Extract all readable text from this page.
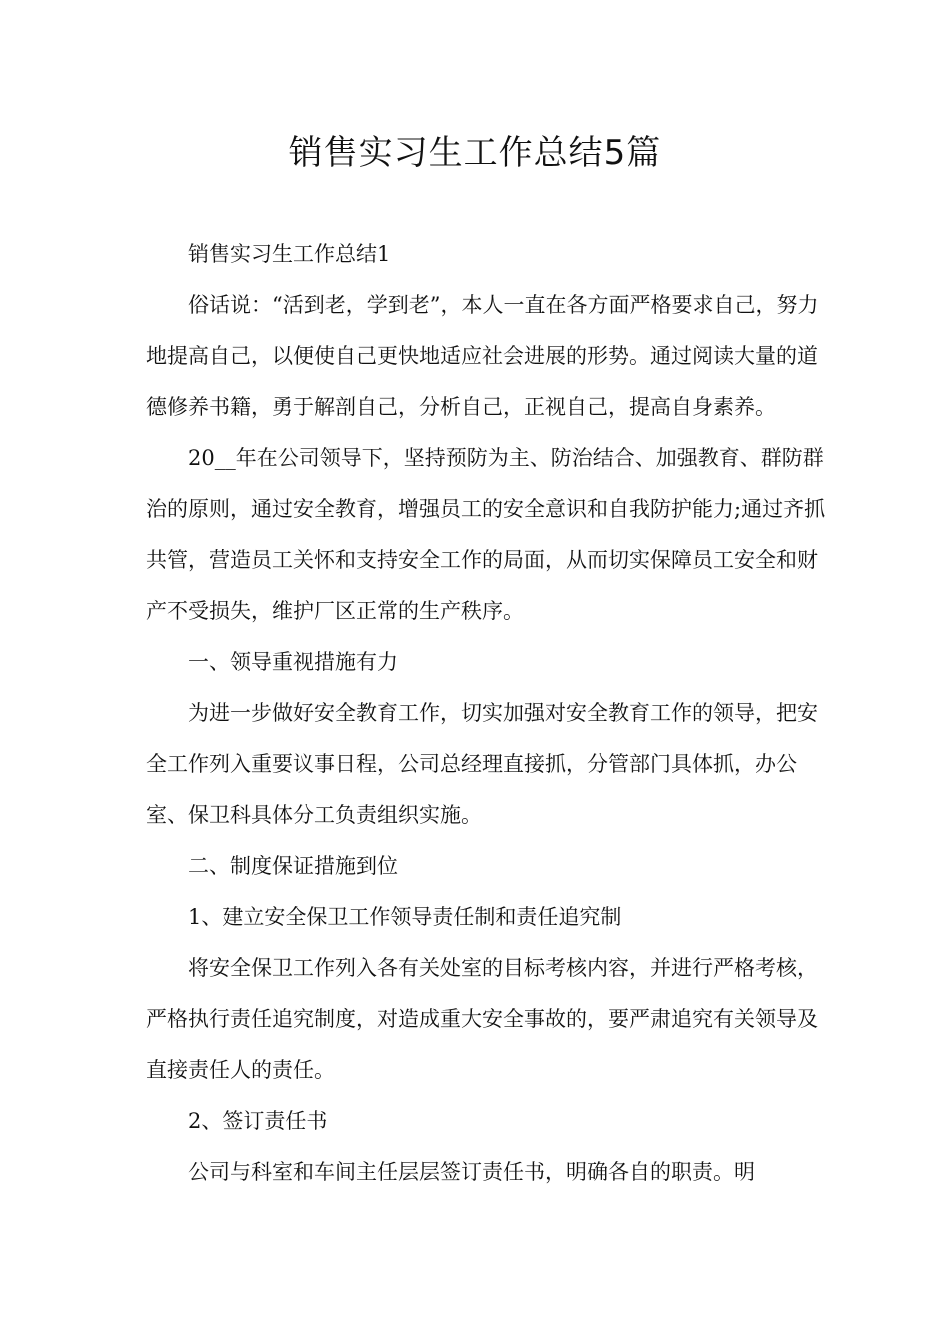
销售实习生工作总结5篇

销售实习生工作总结1

俗话说：“活到老，学到老”，本人一直在各方面严格要求自己，努力地提高自己，以便使自己更快地适应社会进展的形势。通过阅读大量的道德修养书籍，勇于解剖自己，分析自己，正视自己，提高自身素养。

20__年在公司领导下，坚持预防为主、防治结合、加强教育、群防群治的原则，通过安全教育，增强员工的安全意识和自我防护能力;通过齐抓共管，营造员工关怀和支持安全工作的局面，从而切实保障员工安全和财产不受损失，维护厂区正常的生产秩序。

一、领导重视措施有力

为进一步做好安全教育工作，切实加强对安全教育工作的领导，把安全工作列入重要议事日程，公司总经理直接抓，分管部门具体抓，办公室、保卫科具体分工负责组织实施。

二、制度保证措施到位

1、建立安全保卫工作领导责任制和责任追究制

将安全保卫工作列入各有关处室的目标考核内容，并进行严格考核，严格执行责任追究制度，对造成重大安全事故的，要严肃追究有关领导及直接责任人的责任。

2、签订责任书

公司与科室和车间主任层层签订责任书，明确各自的职责。明
